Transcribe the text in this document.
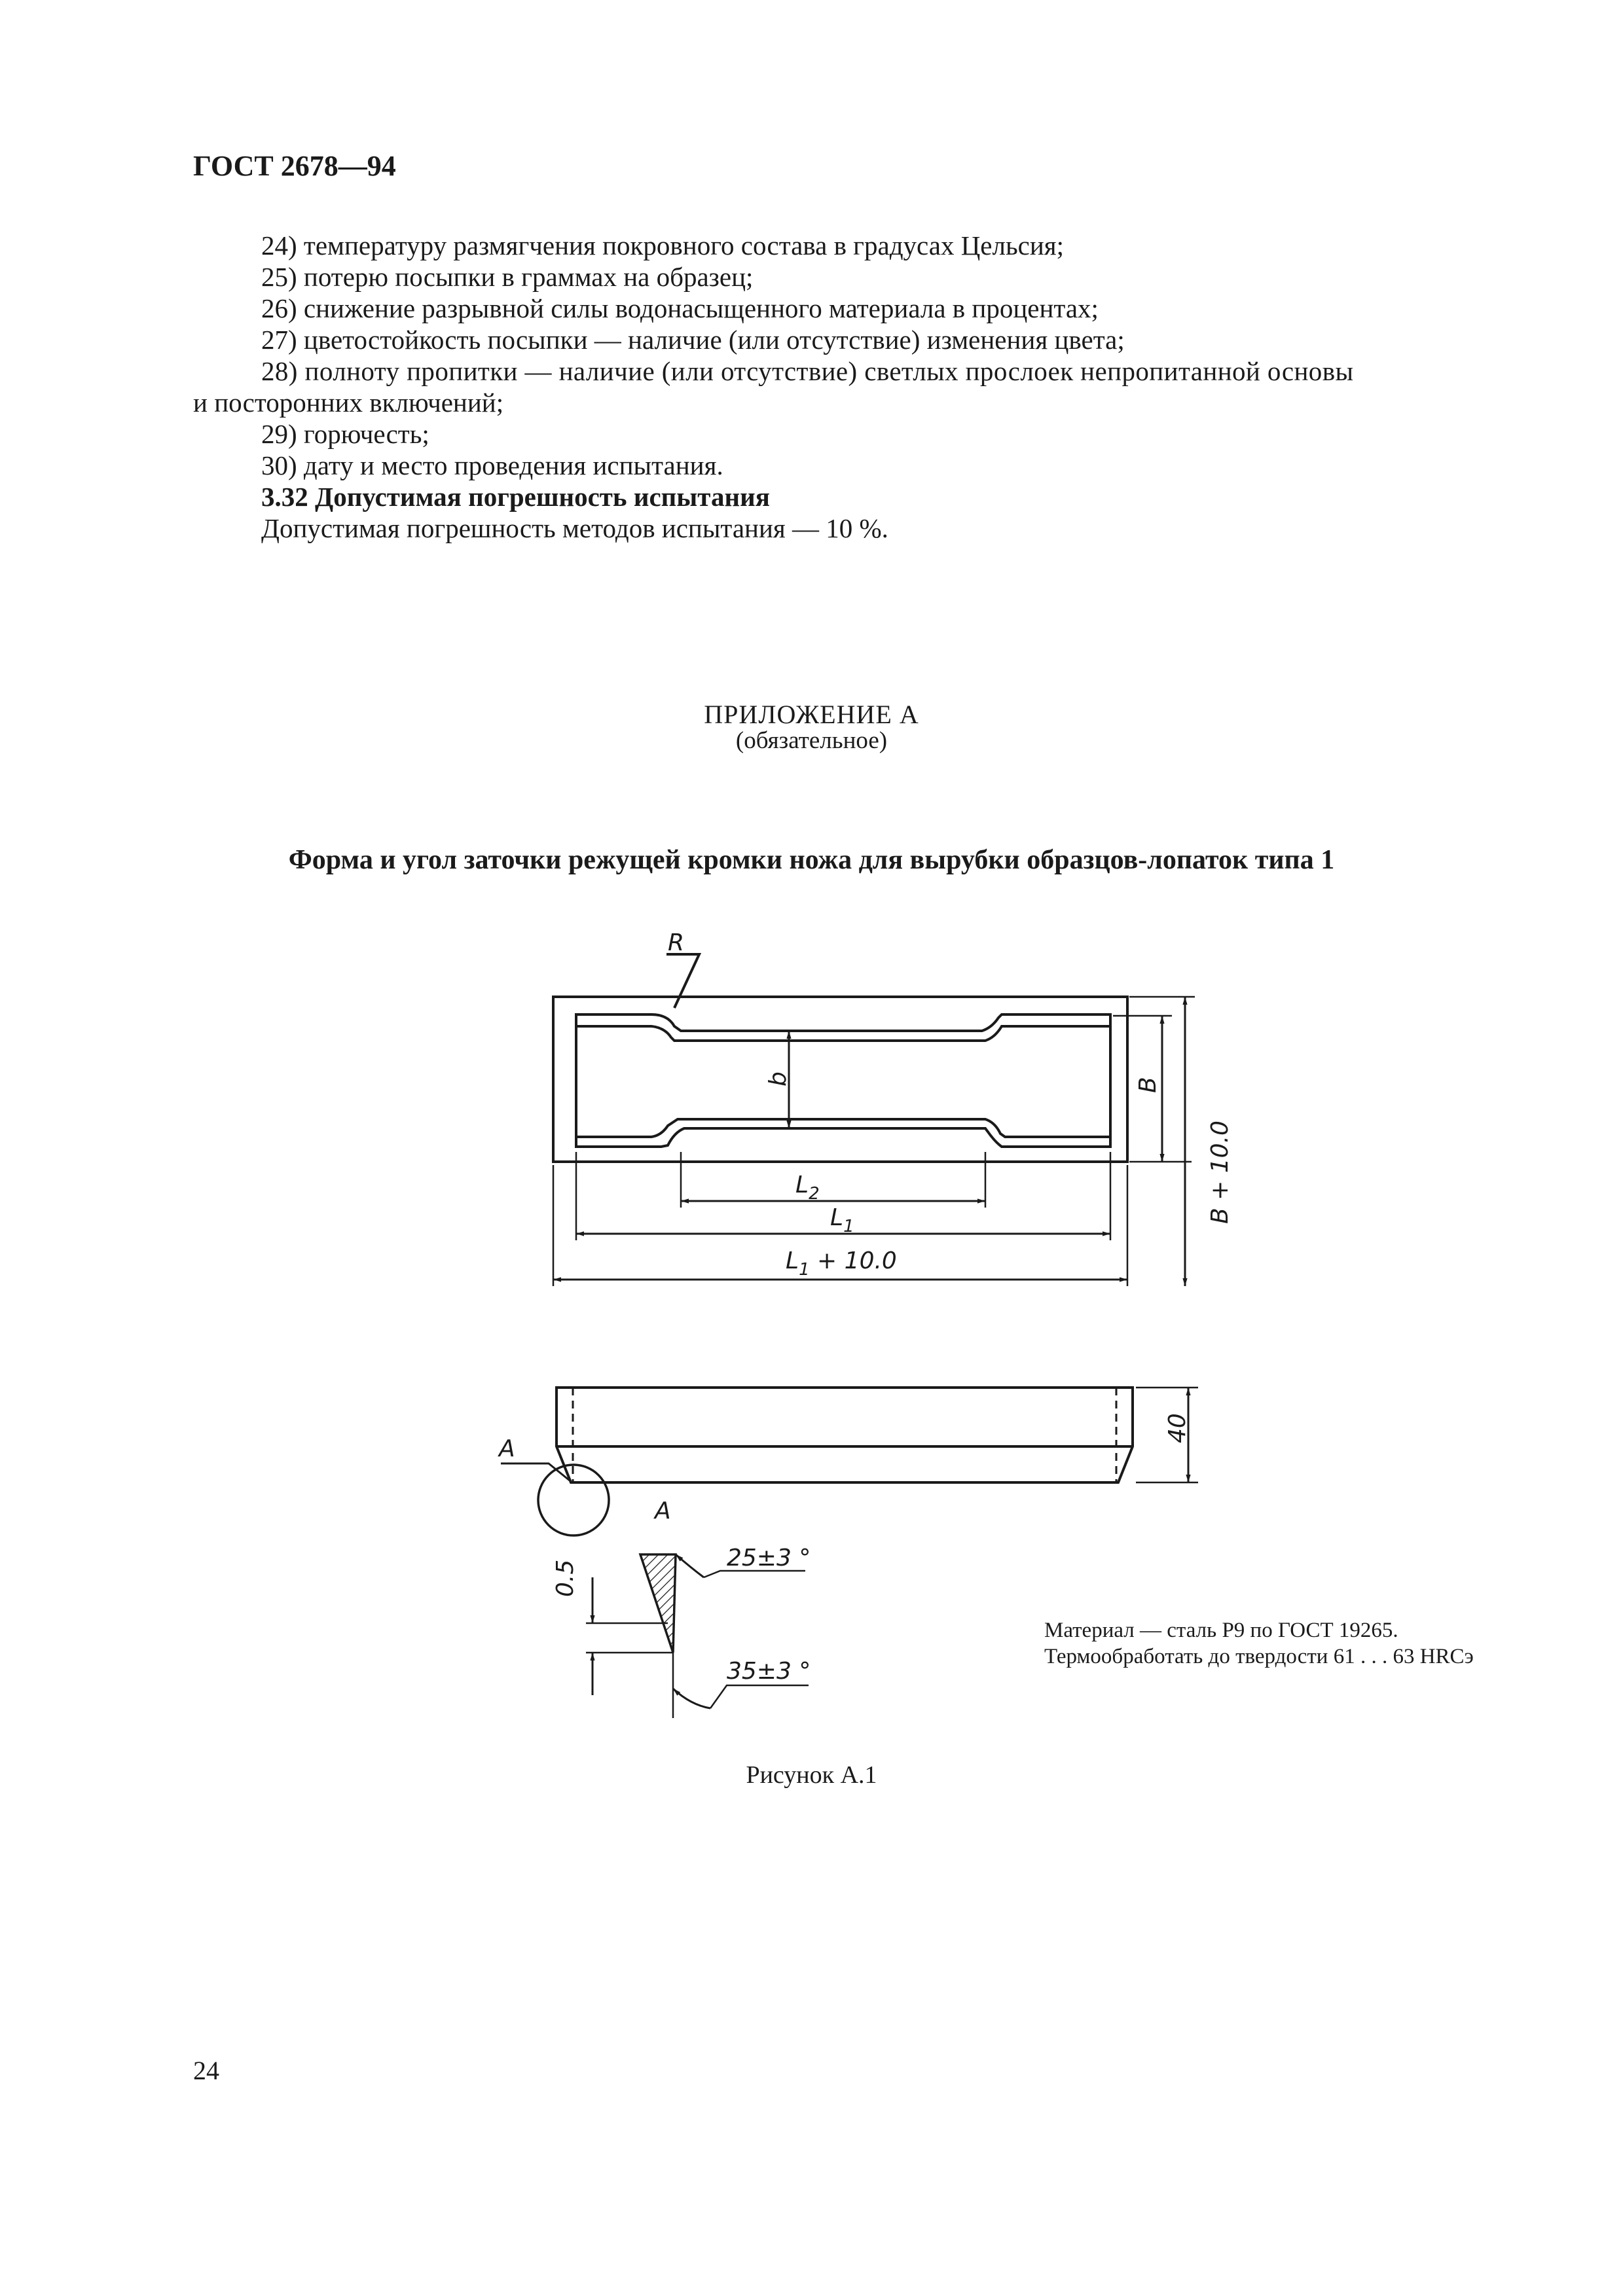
ГОСТ 2678—94
24) температуру размягчения покровного состава в градусах Цельсия;
25) потерю посыпки в граммах на образец;
26) снижение разрывной силы водонасыщенного материала в процентах;
27) цветостойкость посыпки — наличие (или отсутствие) изменения цвета;
28) полноту пропитки — наличие (или отсутствие) светлых прослоек непропитанной основы
и посторонних включений;
29) горючесть;
30) дату и место проведения испытания.
3.32 Допустимая погрешность испытания
Допустимая погрешность методов испытания — 10 %.
ПРИЛОЖЕНИЕ А
(обязательное)
Форма и угол заточки режущей кромки ножа для вырубки образцов-лопаток типа 1
R
b	B
$L_2$
$L_1$
$L_1 + 10.0$
B + 10.0
40
A
A
0.5
25±3 °
35±3 °
Материал — сталь Р9 по ГОСТ 19265.
Термообработать до твердости 61 . . . 63 HRCэ
Рисунок А.1
24
